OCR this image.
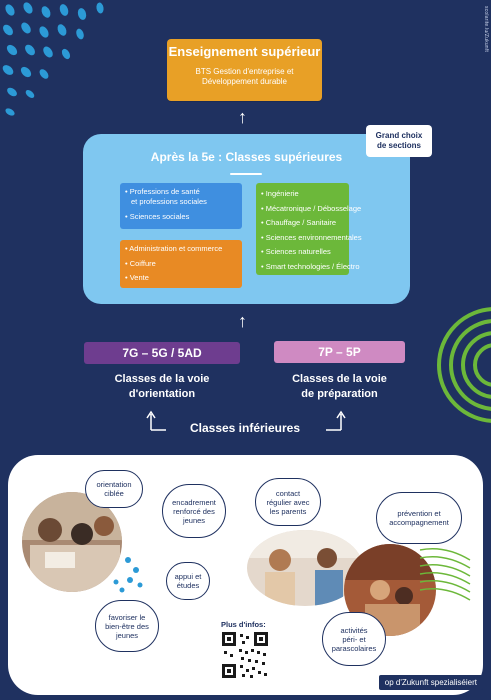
scolarite.lu/Zukunft
Enseignement supérieur
BTS Gestion d'entreprise et
Développement durable
↑
Après la 5e : Classes supérieures
Grand choix
de sections
• Professions de santé
et professions sociales
• Sciences sociales
• Administration et commerce
• Coiffure
• Vente
• Ingénierie
• Mécatronique / Débosselage
• Chauffage / Sanitaire
• Sciences environnementales
• Sciences naturelles
• Smart technologies / Électro
↑
7G – 5G / 5AD	7P – 5P
Classes de la voie
d'orientation
Classes de la voie
de préparation
Classes inférieures
orientation
ciblée
encadrement
renforcé des
jeunes
contact
régulier avec
les parents	prévention et
accompagnement
appui et
études
favoriser le
bien-être des
jeunes
activités
péri- et
parascolaires
Plus d'infos:
op d'Zukunft spezialiséiert
